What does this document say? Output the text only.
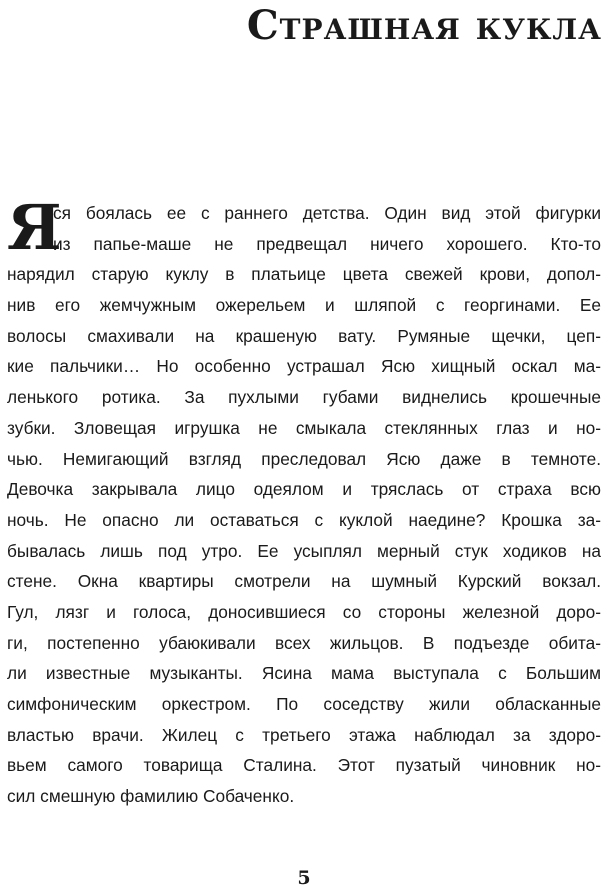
Страшная кукла
Я
ся боялась ее с раннего детства. Один вид этой фигурки
из папье-маше не предвещал ничего хорошего. Кто-то
нарядил старую куклу в платьице цвета свежей крови, допол-
нив его жемчужным ожерельем и шляпой с георгинами. Ее
волосы смахивали на крашеную вату. Румяные щечки, цеп-
кие пальчики… Но особенно устрашал Ясю хищный оскал ма-
ленького ротика. За пухлыми губами виднелись крошечные
зубки. Зловещая игрушка не смыкала стеклянных глаз и но-
чью. Немигающий взгляд преследовал Ясю даже в темноте.
Девочка закрывала лицо одеялом и тряслась от страха всю
ночь. Не опасно ли оставаться с куклой наедине? Крошка за-
бывалась лишь под утро. Ее усыплял мерный стук ходиков на
стене. Окна квартиры смотрели на шумный Курский вокзал.
Гул, лязг и голоса, доносившиеся со стороны железной доро-
ги, постепенно убаюкивали всех жильцов. В подъезде обита-
ли известные музыканты. Ясина мама выступала с Большим
симфоническим оркестром. По соседству жили обласканные
властью врачи. Жилец с третьего этажа наблюдал за здоро-
вьем самого товарища Сталина. Этот пузатый чиновник но-
сил смешную фамилию Собаченко.
5
